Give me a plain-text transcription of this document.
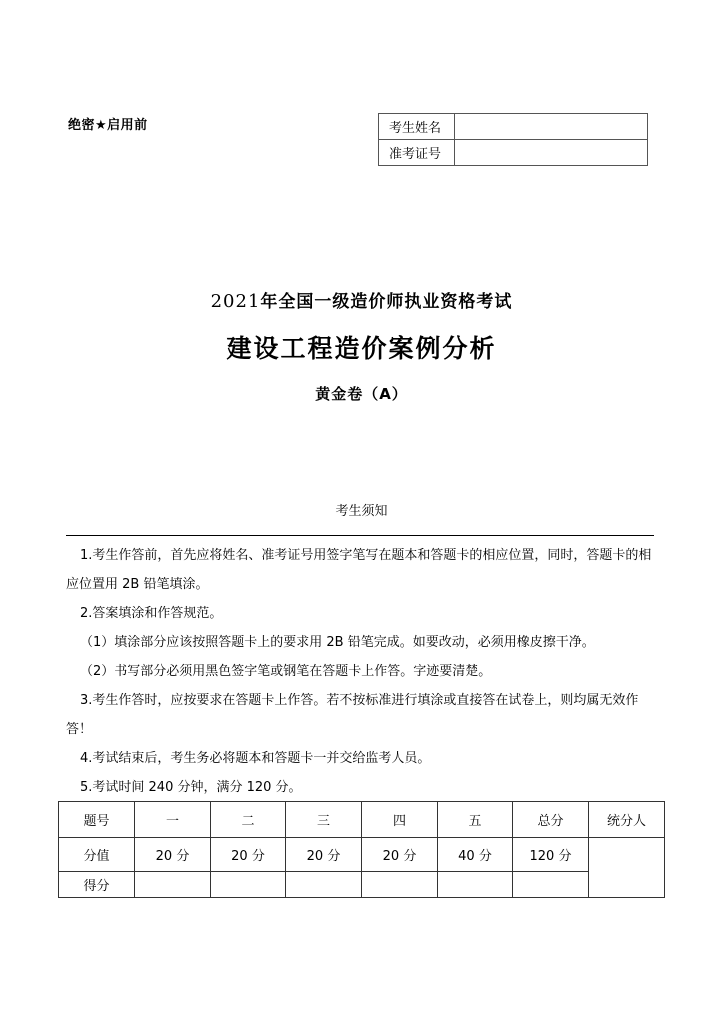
绝密★启用前	考生姓名	
准考证号	
2021年全国一级造价师执业资格考试
建设工程造价案例分析
黄金卷（A）
考生须知

1.考生作答前，首先应将姓名、准考证号用签字笔写在题本和答题卡的相应位置，同时，答题卡的相应位置用 2B 铅笔填涂。

2.答案填涂和作答规范。

（1）填涂部分应该按照答题卡上的要求用 2B 铅笔完成。如要改动，必须用橡皮擦干净。

（2）书写部分必须用黑色签字笔或钢笔在答题卡上作答。字迹要清楚。

3.考生作答时，应按要求在答题卡上作答。若不按标准进行填涂或直接答在试卷上，则均属无效作答！

4.考试结束后，考生务必将题本和答题卡一并交给监考人员。

5.考试时间 240 分钟，满分 120 分。

题号	一	二	三	四	五	总分	统分人
分值	20 分	20 分	20 分	20 分	40 分	120 分	
得分							
